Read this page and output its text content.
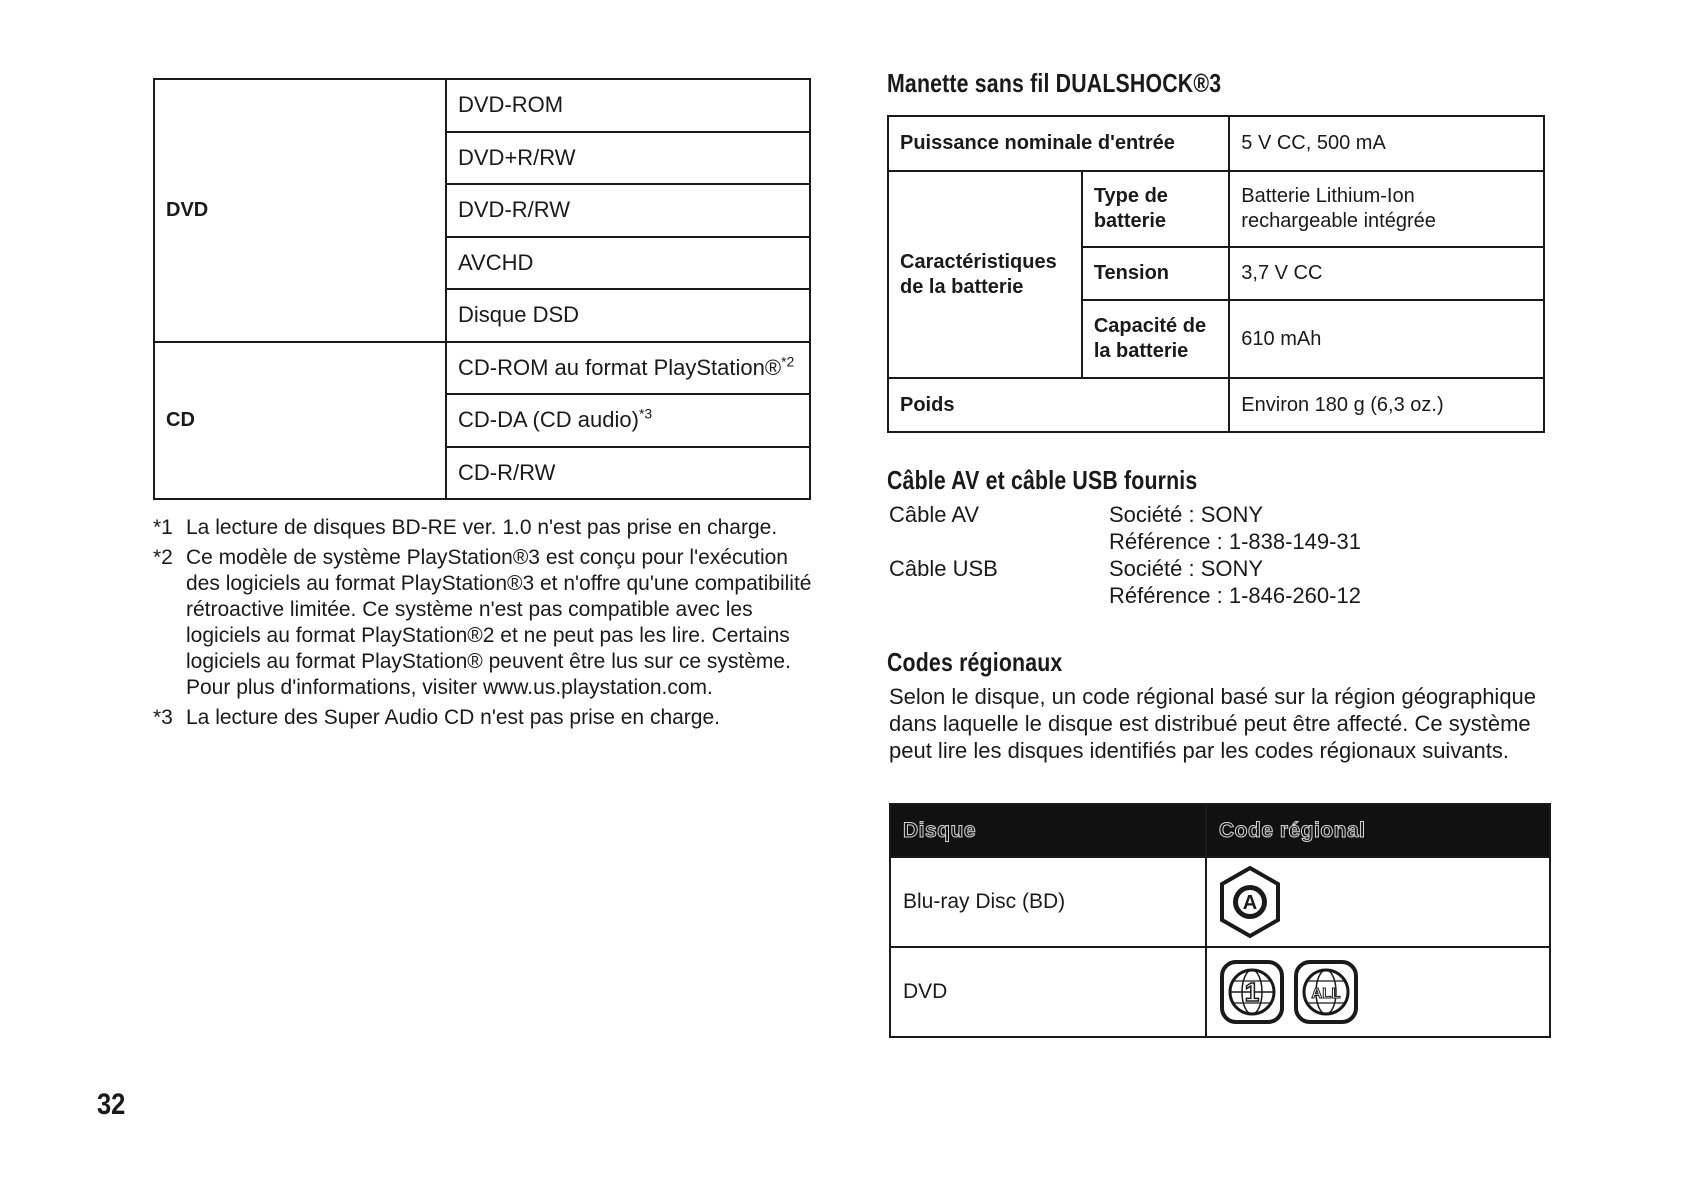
DVD	DVD-ROM
	DVD+R/RW
	DVD-R/RW
	AVCHD
	Disque DSD
CD	CD-ROM au format PlayStation®$^{*2}$
	CD-DA (CD audio)$^{*3}$
	CD-R/RW
*1 La lecture de disques BD-RE ver. 1.0 n'est pas prise en charge.
*2 Ce modèle de système PlayStation®3 est conçu pour l'exécution des logiciels au format PlayStation®3 et n'offre qu'une compatibilité rétroactive limitée. Ce système n'est pas compatible avec les logiciels au format PlayStation®2 et ne peut pas les lire. Certains logiciels au format PlayStation® peuvent être lus sur ce système. Pour plus d'informations, visiter www.us.playstation.com.
*3 La lecture des Super Audio CD n'est pas prise en charge.
Manette sans fil DUALSHOCK®3
Puissance nominale d'entrée		5 V CC, 500 mA
Caractéristiques de la batterie	Type de batterie	Batterie Lithium-Ion rechargeable intégrée
	Tension	3,7 V CC
	Capacité de la batterie	610 mAh
Poids		Environ 180 g (6,3 oz.)
Câble AV et câble USB fournis
Câble AV	Société : SONY
Référence : 1-838-149-31
Câble USB	Société : SONY
Référence : 1-846-260-12
Codes régionaux
Selon le disque, un code régional basé sur la région géographique dans laquelle le disque est distribué peut être affecté. Ce système peut lire les disques identifiés par les codes régionaux suivants.
Disque	Code régional
Blu-ray Disc (BD)	A

DVD	1 ALL
32
